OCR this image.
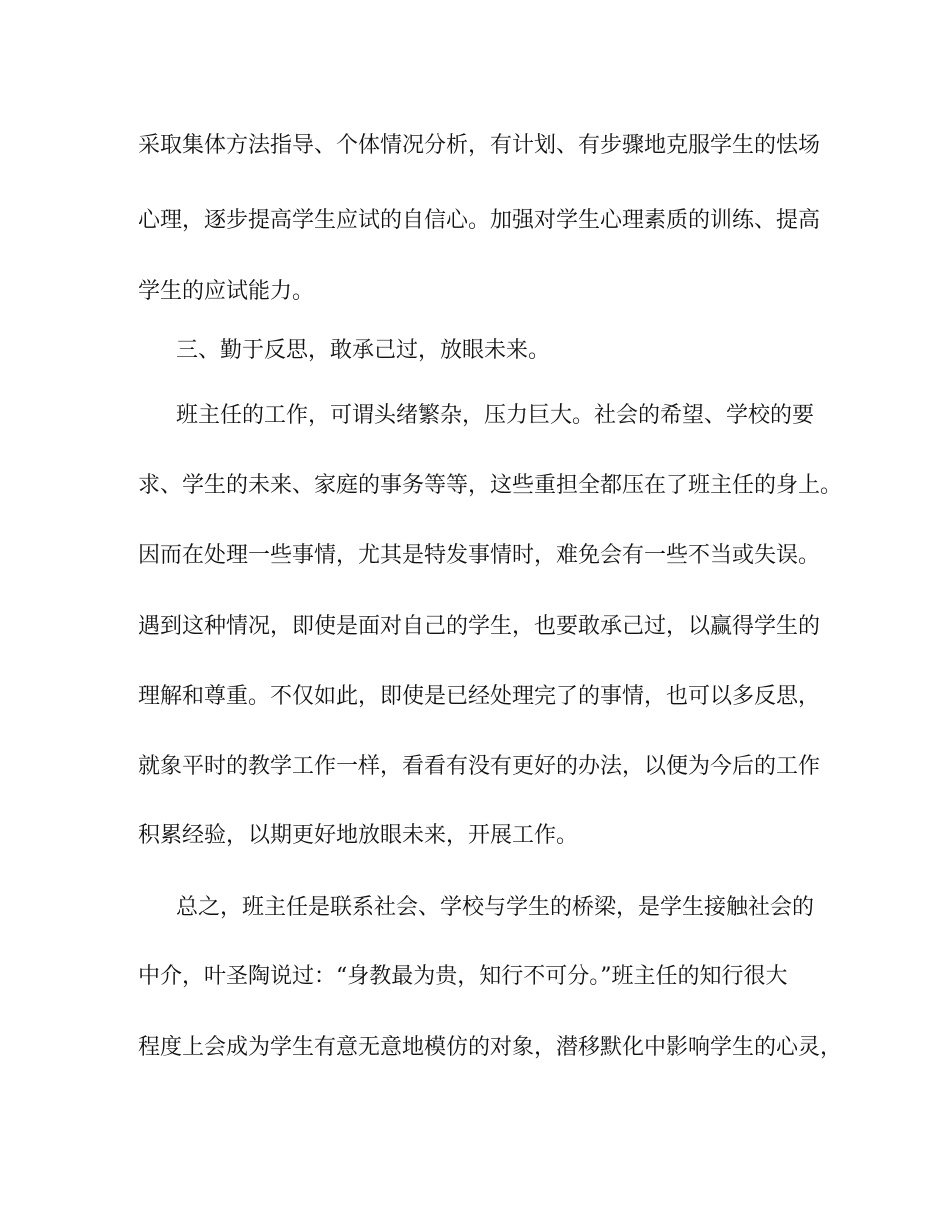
采取集体方法指导、个体情况分析，有计划、有步骤地克服学生的怯场
心理，逐步提高学生应试的自信心。加强对学生心理素质的训练、提高
学生的应试能力。
三、勤于反思，敢承己过，放眼未来。
班主任的工作，可谓头绪繁杂，压力巨大。社会的希望、学校的要
求、学生的未来、家庭的事务等等，这些重担全都压在了班主任的身上。
因而在处理一些事情，尤其是特发事情时，难免会有一些不当或失误。
遇到这种情况，即使是面对自己的学生，也要敢承己过，以赢得学生的
理解和尊重。不仅如此，即使是已经处理完了的事情，也可以多反思，
就象平时的教学工作一样，看看有没有更好的办法，以便为今后的工作
积累经验，以期更好地放眼未来，开展工作。
总之，班主任是联系社会、学校与学生的桥梁，是学生接触社会的
中介，叶圣陶说过：“身教最为贵，知行不可分。”班主任的知行很大
程度上会成为学生有意无意地模仿的对象，潜移默化中影响学生的心灵，
